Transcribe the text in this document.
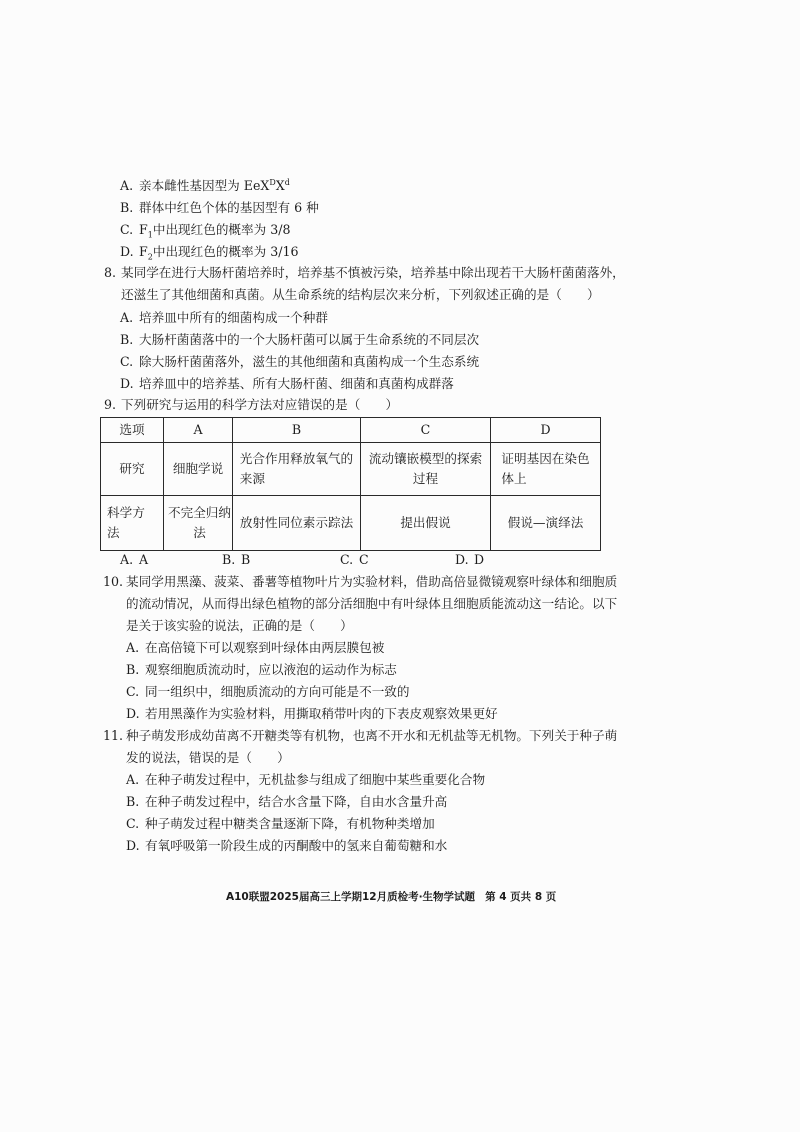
A. 亲本雌性基因型为 $EeX^DX^d$
B. 群体中红色个体的基因型有 6 种
C. $F_1$中出现红色的概率为 3/8
D. $F_2$中出现红色的概率为 3/16
8. 某同学在进行大肠杆菌培养时，培养基不慎被污染，培养基中除出现若干大肠杆菌菌落外，
还滋生了其他细菌和真菌。从生命系统的结构层次来分析，下列叙述正确的是（　　）
A. 培养皿中所有的细菌构成一个种群
B. 大肠杆菌菌落中的一个大肠杆菌可以属于生命系统的不同层次
C. 除大肠杆菌菌落外，滋生的其他细菌和真菌构成一个生态系统
D. 培养皿中的培养基、所有大肠杆菌、细菌和真菌构成群落
9. 下列研究与运用的科学方法对应错误的是（　　）
选项	A	B	C	D
研究	细胞学说	光合作用释放氧气的来源	流动镶嵌模型的探索过程	证明基因在染色体上
科学方法	不完全归纳法	放射性同位素示踪法	提出假说	假说—演绎法
A. A	B. B	C. C	D. D
10. 某同学用黑藻、菠菜、番薯等植物叶片为实验材料，借助高倍显微镜观察叶绿体和细胞质
的流动情况，从而得出绿色植物的部分活细胞中有叶绿体且细胞质能流动这一结论。以下
是关于该实验的说法，正确的是（　　）
A. 在高倍镜下可以观察到叶绿体由两层膜包被
B. 观察细胞质流动时，应以液泡的运动作为标志
C. 同一组织中，细胞质流动的方向可能是不一致的
D. 若用黑藻作为实验材料，用撕取稍带叶肉的下表皮观察效果更好
11. 种子萌发形成幼苗离不开糖类等有机物，也离不开水和无机盐等无机物。下列关于种子萌
发的说法，错误的是（　　）
A. 在种子萌发过程中，无机盐参与组成了细胞中某些重要化合物
B. 在种子萌发过程中，结合水含量下降，自由水含量升高
C. 种子萌发过程中糖类含量逐渐下降，有机物种类增加
D. 有氧呼吸第一阶段生成的丙酮酸中的氢来自葡萄糖和水
A10联盟2025届高三上学期12月质检考·生物学试题 第 4 页共 8 页
